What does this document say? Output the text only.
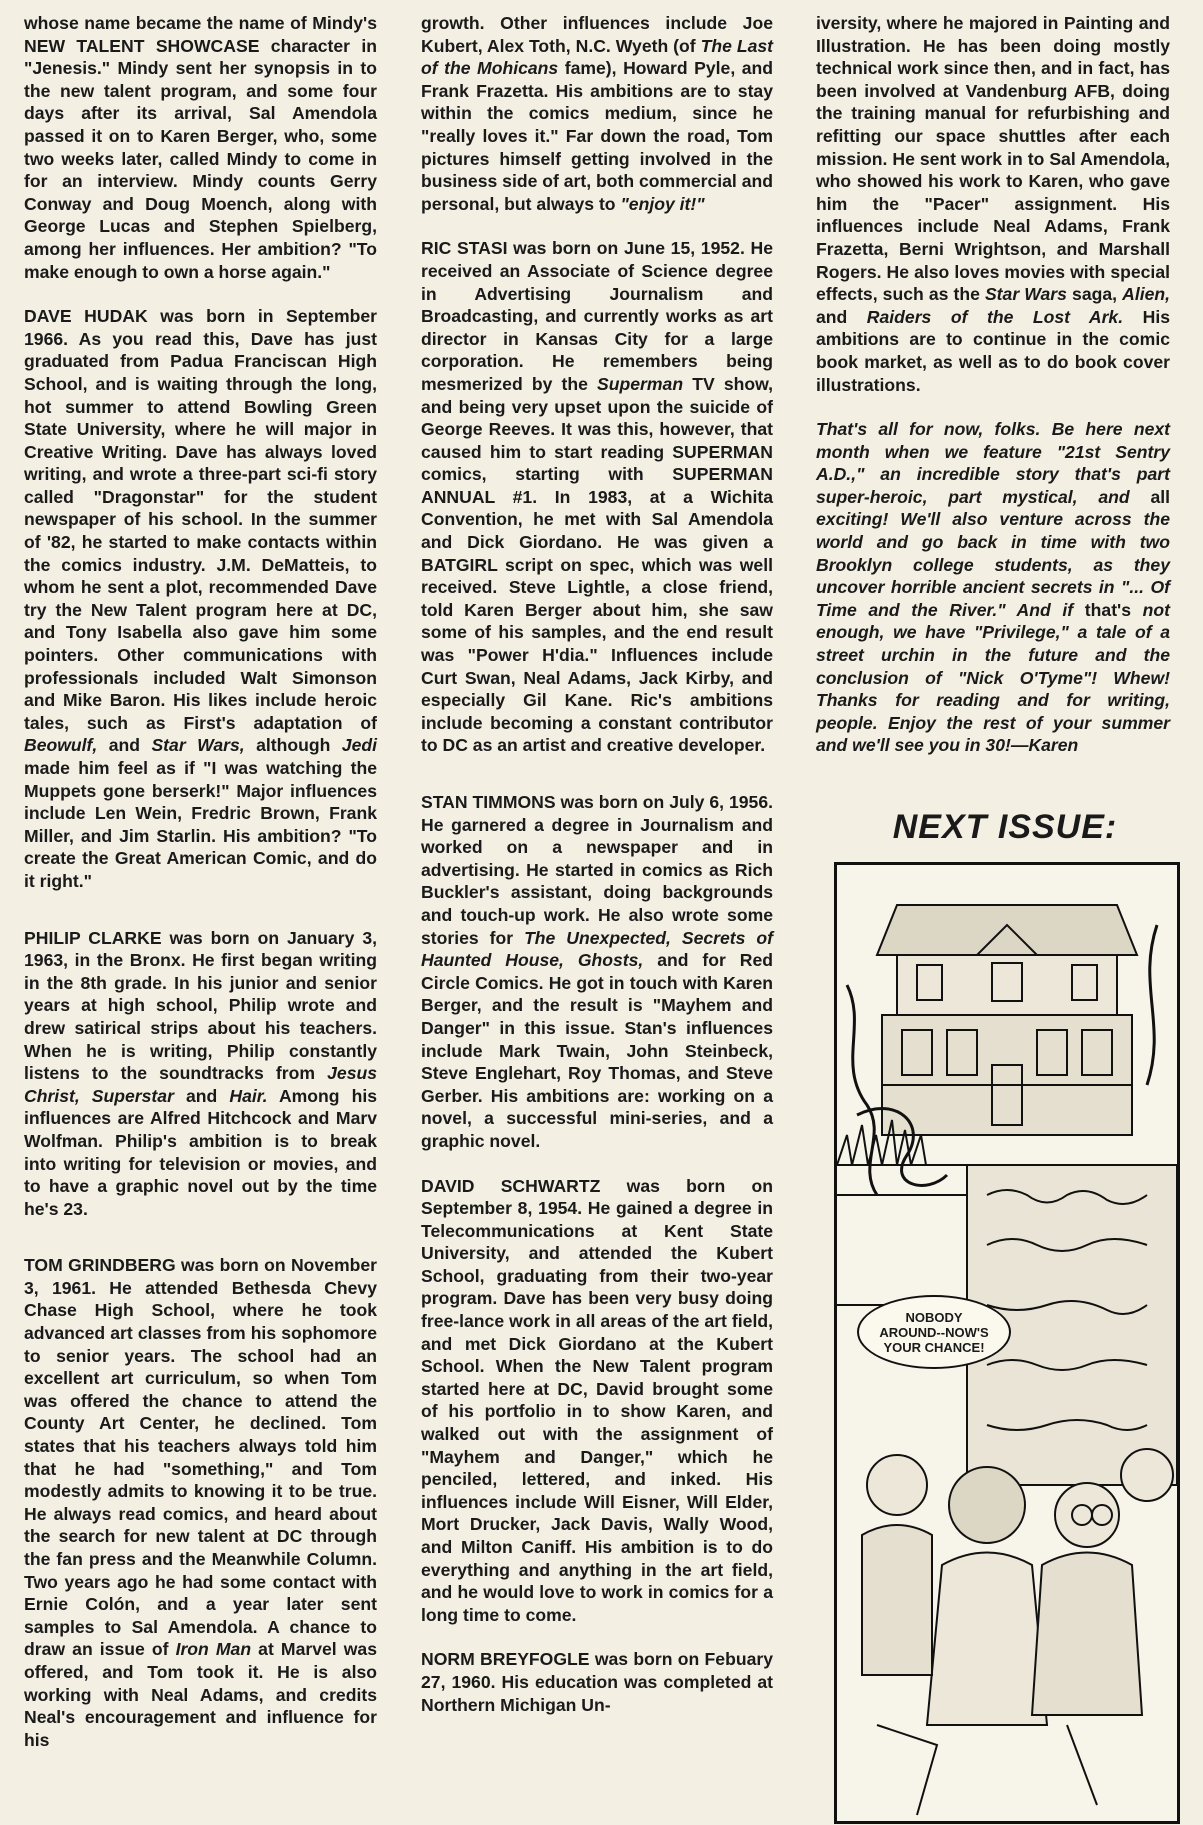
whose name became the name of Mindy's NEW TALENT SHOWCASE character in "Jenesis." Mindy sent her synopsis in to the new talent program, and some four days after its arrival, Sal Amendola passed it on to Karen Berger, who, some two weeks later, called Mindy to come in for an interview. Mindy counts Gerry Conway and Doug Moench, along with George Lucas and Stephen Spielberg, among her influences. Her ambition? "To make enough to own a horse again."

DAVE HUDAK was born in September 1966. As you read this, Dave has just graduated from Padua Franciscan High School, and is waiting through the long, hot summer to attend Bowling Green State University, where he will major in Creative Writing. Dave has always loved writing, and wrote a three-part sci-fi story called "Dragonstar" for the student newspaper of his school. In the summer of '82, he started to make contacts within the comics industry. J.M. DeMatteis, to whom he sent a plot, recommended Dave try the New Talent program here at DC, and Tony Isabella also gave him some pointers. Other communications with professionals included Walt Simonson and Mike Baron. His likes include heroic tales, such as First's adaptation of Beowulf, and Star Wars, although Jedi made him feel as if "I was watching the Muppets gone berserk!" Major influences include Len Wein, Fredric Brown, Frank Miller, and Jim Starlin. His ambition? "To create the Great American Comic, and do it right."

PHILIP CLARKE was born on January 3, 1963, in the Bronx. He first began writing in the 8th grade. In his junior and senior years at high school, Philip wrote and drew satirical strips about his teachers. When he is writing, Philip constantly listens to the soundtracks from Jesus Christ, Superstar and Hair. Among his influences are Alfred Hitchcock and Marv Wolfman. Philip's ambition is to break into writing for television or movies, and to have a graphic novel out by the time he's 23.

TOM GRINDBERG was born on November 3, 1961. He attended Bethesda Chevy Chase High School, where he took advanced art classes from his sophomore to senior years. The school had an excellent art curriculum, so when Tom was offered the chance to attend the County Art Center, he declined. Tom states that his teachers always told him that he had "something," and Tom modestly admits to knowing it to be true. He always read comics, and heard about the search for new talent at DC through the fan press and the Meanwhile Column. Two years ago he had some contact with Ernie Colón, and a year later sent samples to Sal Amendola. A chance to draw an issue of Iron Man at Marvel was offered, and Tom took it. He is also working with Neal Adams, and credits Neal's encouragement and influence for his

growth. Other influences include Joe Kubert, Alex Toth, N.C. Wyeth (of The Last of the Mohicans fame), Howard Pyle, and Frank Frazetta. His ambitions are to stay within the comics medium, since he "really loves it." Far down the road, Tom pictures himself getting involved in the business side of art, both commercial and personal, but always to "enjoy it!"

RIC STASI was born on June 15, 1952. He received an Associate of Science degree in Advertising Journalism and Broadcasting, and currently works as art director in Kansas City for a large corporation. He remembers being mesmerized by the Superman TV show, and being very upset upon the suicide of George Reeves. It was this, however, that caused him to start reading SUPERMAN comics, starting with SUPERMAN ANNUAL #1. In 1983, at a Wichita Convention, he met with Sal Amendola and Dick Giordano. He was given a BATGIRL script on spec, which was well received. Steve Lightle, a close friend, told Karen Berger about him, she saw some of his samples, and the end result was "Power H'dia." Influences include Curt Swan, Neal Adams, Jack Kirby, and especially Gil Kane. Ric's ambitions include becoming a constant contributor to DC as an artist and creative developer.

STAN TIMMONS was born on July 6, 1956. He garnered a degree in Journalism and worked on a newspaper and in advertising. He started in comics as Rich Buckler's assistant, doing backgrounds and touch-up work. He also wrote some stories for The Unexpected, Secrets of Haunted House, Ghosts, and for Red Circle Comics. He got in touch with Karen Berger, and the result is "Mayhem and Danger" in this issue. Stan's influences include Mark Twain, John Steinbeck, Steve Englehart, Roy Thomas, and Steve Gerber. His ambitions are: working on a novel, a successful mini-series, and a graphic novel.

DAVID SCHWARTZ was born on September 8, 1954. He gained a degree in Telecommunications at Kent State University, and attended the Kubert School, graduating from their two-year program. Dave has been very busy doing free-lance work in all areas of the art field, and met Dick Giordano at the Kubert School. When the New Talent program started here at DC, David brought some of his portfolio in to show Karen, and walked out with the assignment of "Mayhem and Danger," which he penciled, lettered, and inked. His influences include Will Eisner, Will Elder, Mort Drucker, Jack Davis, Wally Wood, and Milton Caniff. His ambition is to do everything and anything in the art field, and he would love to work in comics for a long time to come.

NORM BREYFOGLE was born on Febuary 27, 1960. His education was completed at Northern Michigan Un-

iversity, where he majored in Painting and Illustration. He has been doing mostly technical work since then, and in fact, has been involved at Vandenburg AFB, doing the training manual for refurbishing and refitting our space shuttles after each mission. He sent work in to Sal Amendola, who showed his work to Karen, who gave him the "Pacer" assignment. His influences include Neal Adams, Frank Frazetta, Berni Wrightson, and Marshall Rogers. He also loves movies with special effects, such as the Star Wars saga, Alien, and Raiders of the Lost Ark. His ambitions are to continue in the comic book market, as well as to do book cover illustrations.

That's all for now, folks. Be here next month when we feature "21st Sentry A.D.," an incredible story that's part super-heroic, part mystical, and all exciting! We'll also venture across the world and go back in time with two Brooklyn college students, as they uncover horrible ancient secrets in "... Of Time and the River." And if that's not enough, we have "Privilege," a tale of a street urchin in the future and the conclusion of "Nick O'Tyme"! Whew! Thanks for reading and for writing, people. Enjoy the rest of your summer and we'll see you in 30!—Karen

NEXT ISSUE:
NOBODY AROUND--NOW'S YOUR CHANCE!
